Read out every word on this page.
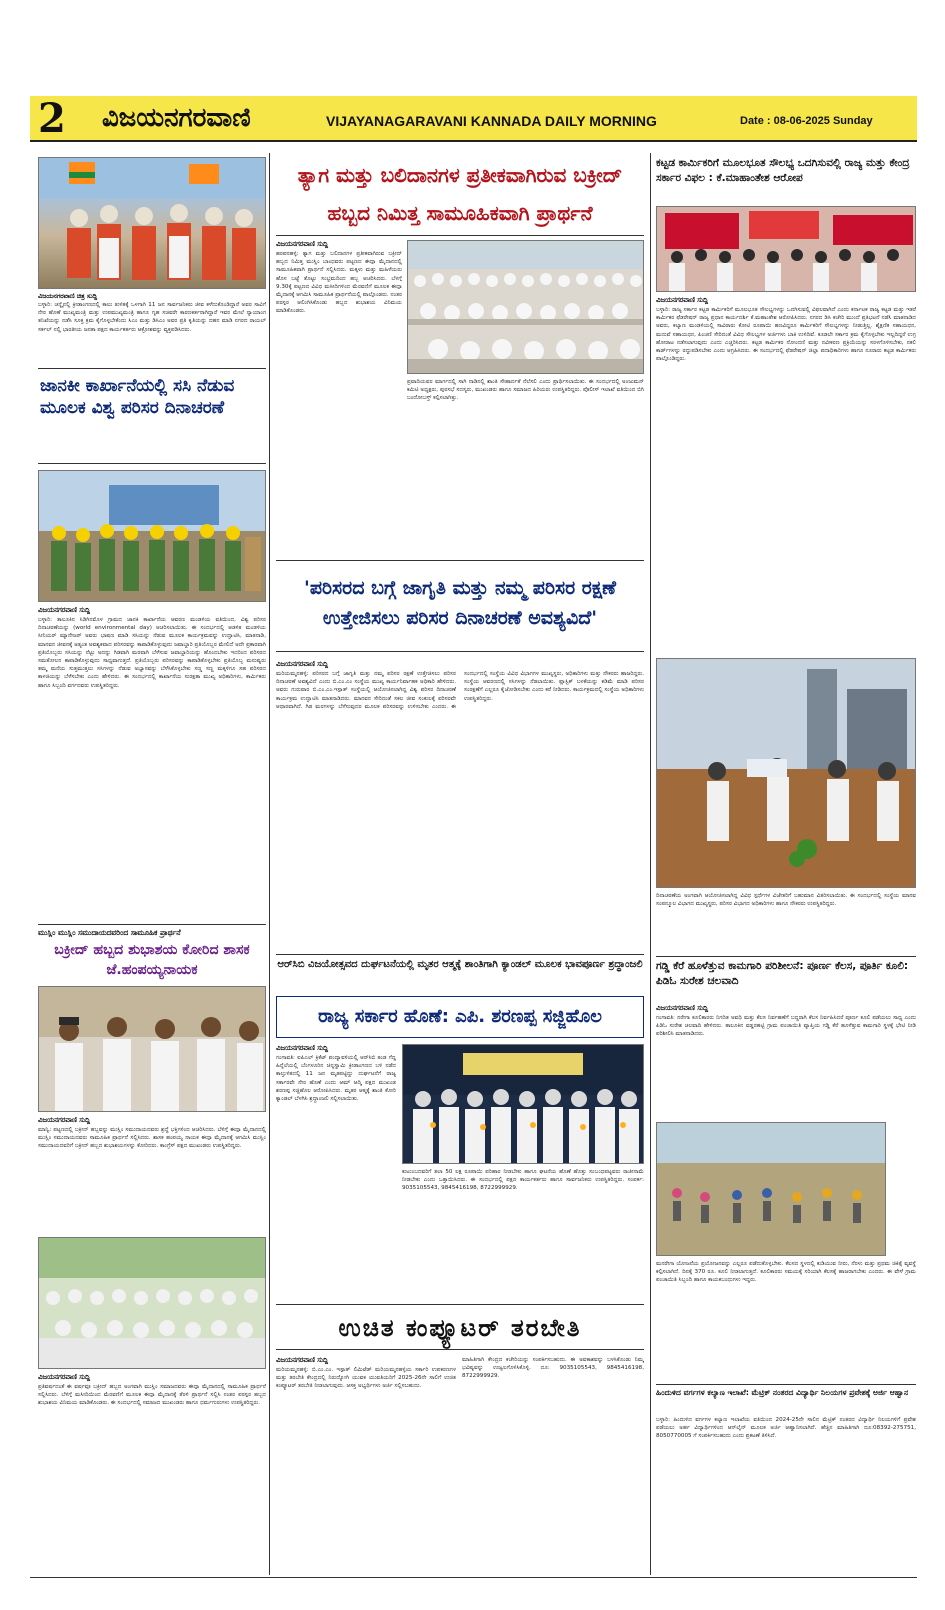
2 ವಿಜಯನಗರವಾಣಿ	VIJAYANAGARAVANI KANNADA DAILY MORNING	Date : 08-06-2025 Sunday
ವಿಜಯನಗರವಾಣಿ ಚಿತ್ರ ಸುದ್ದಿ
ಬಳ್ಳಾರಿ: ಚನ್ನೈನಲ್ಲಿ ಕ್ರೀಡಾಂಗಣದಲ್ಲಿ ಕಾಲು ತುಳಿತಕ್ಕೆ ಒಳಗಾಗಿ 11 ಜನ ಸಾರ್ವಜನಿಕರು ಜೀವ ಕಳೆದುಕೊಂಡಿದ್ದಾರೆ ಅವರ ಸಾವಿಗೆ ನೇರ ಹೊಣೆ ಮುಖ್ಯಮಂತ್ರಿ ಮತ್ತು ಉಪಮುಖ್ಯಮಂತ್ರಿ ಹಾಗೂ ಗೃಹ ಸಚಿವರೇ ಕಾರಣಕರ್ತರಾಗಿದ್ದಾರೆ ಇವರ ಮೇಲೆ ನ್ಯಾಯಾಂಗ ತನಿಖೆಯನ್ನು ನಡೆಸಿ ಸೂಕ್ತ ಕ್ರಮ ಕೈಗೊಳ್ಳಬೇಕೆಂದು ಸಿಎಂ ಮತ್ತು ಡಿಸಿಎಂ ಅವರ ಪ್ರತಿ ಕೃತಿಯನ್ನು ದಹನ ಮಾಡಿ ನಗರದ ರಾಯಲ್ ಸರ್ಕಲ್ ನಲ್ಲಿ ಭಾರತೀಯ ಜನತಾ ಪಕ್ಷದ ಕಾರ್ಯಕರ್ತರು ಆಕ್ರೋಶವನ್ನು ವ್ಯಕ್ತಪಡಿಸಿದರು.
ಜಾನಕೀ ಕಾರ್ಖಾನೆಯಲ್ಲಿ ಸಸಿ ನೆಡುವ ಮೂಲಕ ವಿಶ್ವ ಪರಿಸರ ದಿನಾಚರಣೆ
ವಿಜಯನಗರವಾಣಿ ಸುದ್ದಿ
ಬಳ್ಳಾರಿ: ತಾಲೂಕಿನ ಸಿಡಿಗಿನಮೊಳ ಗ್ರಾಮದ ಜಾನಕಿ ಕಾರ್ಖಾನೆಯ ಆವರಣ ಮಂಡಳಿಯ ವತಿಯಿಂದ, ವಿಶ್ವ ಪರಿಸರ ದಿನಾಚರಣೆಯನ್ನು (world environmental day) ಆಚರಿಸಲಾಯಿತು. ಈ ಸಂದರ್ಭದಲ್ಲಿ ಆಡಳಿತ ಮಂಡಳಿಯ ಸೀನಿಯರ್ ಮ್ಯಾನೇಜರ್ ಅವರು ಭಾಷಣ ಮಾಡಿ ಸಸಿಯನ್ನು ನೆಡುವ ಮೂಲಕ ಕಾರ್ಯಕ್ರಮವನ್ನು ಉದ್ಘಾಟಿಸಿ, ಮಾತನಾಡಿ, ಮಾನವನ ಜೀವನಕ್ಕೆ ಅತ್ಯಂತ ಅವಶ್ಯಕವಾದ ಪರಿಸರವನ್ನು ಕಾಪಾಡಿಕೊಳ್ಳುವುದು ಜವಾಬ್ದಾರಿ ಪ್ರತಿಯೊಬ್ಬರ ಮೇಲಿದೆ ಅದೇ ಪ್ರಕಾರವಾಗಿ ಪ್ರತಿಯೊಬ್ಬರು ಸಸಿಯನ್ನು ನೆಟ್ಟು ಅದನ್ನು ಗಿಡವಾಗಿ ಮರವಾಗಿ ಬೆಳೆಸುವ ಜವಾಬ್ದಾರಿಯನ್ನು ಹೊಂದಬೇಕು ಇದರಿಂದ ಪರಿಸರದ ಸಮತೋಲನ ಕಾಪಾಡಿಕೊಳ್ಳುವುದು ಸಾಧ್ಯವಾಗುತ್ತದೆ. ಪ್ರತಿಯೊಬ್ಬರು ಪರಿಸರವನ್ನು ಕಾಪಾಡಿಕೊಳ್ಳಬೇಕು ಪ್ರತಿಯೊಬ್ಬ ಮನುಷ್ಯರು ತಮ್ಮ ಮನೆಯ ಸುತ್ತಮುತ್ತಲು ಸಸಿಗಳನ್ನು ನೆಡುವ ಅಭ್ಯಾಸವನ್ನು ಬೆಳೆಸಿಕೊಳ್ಳಬೇಕು ಸಣ್ಣ ಸಣ್ಣ ಮಕ್ಕಳಿಗೂ ಸಹ ಪರಿಸರದ ಕಾಳಜಿಯನ್ನು ಬೆಳೆಸಬೇಕು ಎಂದು ಹೇಳಿದರು. ಈ ಸಂದರ್ಭದಲ್ಲಿ ಕಾರ್ಖಾನೆಯ ಸುರಕ್ಷತಾ ಮುಖ್ಯ ಅಧಿಕಾರಿಗಳು, ಕಾರ್ಮಿಕರು ಹಾಗೂ ಸಿಬ್ಬಂದಿ ವರ್ಗದವರು ಉಪಸ್ಥಿತರಿದ್ದರು.
ಮುಸ್ಲಿಂ ಮುಸ್ಲಿಂ ಸಮುದಾಯದವರಿಂದ ಸಾಮೂಹಿಕ ಪ್ರಾರ್ಥನೆ
ಬಕ್ರೀದ್ ಹಬ್ಬದ ಶುಭಾಶಯ ಕೋರಿದ ಶಾಸಕ ಜೆ.ಹಂಪಯ್ಯನಾಯಕ
ವಿಜಯನಗರವಾಣಿ ಸುದ್ದಿ
ಮಾನ್ವಿ: ಪಟ್ಟಣದಲ್ಲಿ ಬಕ್ರೀದ್ ಹಬ್ಬವನ್ನು ಮುಸ್ಲಿಂ ಸಮುದಾಯದವರು ಶ್ರದ್ಧೆ ಭಕ್ತಿಗಳಿಂದ ಆಚರಿಸಿದರು. ಬೆಳಿಗ್ಗೆ ಈದ್ಗಾ ಮೈದಾನದಲ್ಲಿ ಮುಸ್ಲಿಂ ಸಮುದಾಯದವರು ಸಾಮೂಹಿಕ ಪ್ರಾರ್ಥನೆ ಸಲ್ಲಿಸಿದರು. ಶಾಸಕ ಹಂಪಯ್ಯ ನಾಯಕ ಈದ್ಗಾ ಮೈದಾನಕ್ಕೆ ಆಗಮಿಸಿ ಮುಸ್ಲಿಂ ಸಮುದಾಯದವರಿಗೆ ಬಕ್ರೀದ್ ಹಬ್ಬದ ಶುಭಾಶಯಗಳನ್ನು ಕೋರಿದರು. ಕಾಂಗ್ರೆಸ್ ಪಕ್ಷದ ಮುಖಂಡರು ಉಪಸ್ಥಿತರಿದ್ದರು.
ವಿಜಯನಗರವಾಣಿ ಸುದ್ದಿ
ಪ್ರತಿವರ್ಷದಂತೆ ಈ ವರ್ಷವೂ ಬಕ್ರೀದ್ ಹಬ್ಬದ ಅಂಗವಾಗಿ ಮುಸ್ಲಿಂ ಸಮಾಜದವರು ಈದ್ಗಾ ಮೈದಾನದಲ್ಲಿ ಸಾಮೂಹಿಕ ಪ್ರಾರ್ಥನೆ ಸಲ್ಲಿಸಿದರು. ಬೆಳಿಗ್ಗೆ ಮಸೀದಿಯಿಂದ ಮೆರವಣಿಗೆ ಮೂಲಕ ಈದ್ಗಾ ಮೈದಾನಕ್ಕೆ ತೆರಳಿ ಪ್ರಾರ್ಥನೆ ಸಲ್ಲಿಸಿ ನಂತರ ಪರಸ್ಪರ ಹಬ್ಬದ ಶುಭಾಶಯ ವಿನಿಮಯ ಮಾಡಿಕೊಂಡರು. ಈ ಸಂದರ್ಭದಲ್ಲಿ ಸಮಾಜದ ಮುಖಂಡರು ಹಾಗೂ ಧರ್ಮಗುರುಗಳು ಉಪಸ್ಥಿತರಿದ್ದರು.
ತ್ಯಾಗ ಮತ್ತು ಬಲಿದಾನಗಳ ಪ್ರತೀಕವಾಗಿರುವ ಬಕ್ರೀದ್ ಹಬ್ಬದ ನಿಮಿತ್ತ ಸಾಮೂಹಿಕವಾಗಿ ಪ್ರಾರ್ಥನೆ
ವಿಜಯನಗರವಾಣಿ ಸುದ್ದಿ
ಹರಪನಹಳ್ಳಿ: ತ್ಯಾಗ ಮತ್ತು ಬಲಿದಾನಗಳ ಪ್ರತೀಕವಾಗಿರುವ ಬಕ್ರೀದ್ ಹಬ್ಬದ ನಿಮಿತ್ತ ಮುಸ್ಲಿಂ ಬಾಂಧವರು ಪಟ್ಟಣದ ಈದ್ಗಾ ಮೈದಾನದಲ್ಲಿ ಸಾಮೂಹಿಕವಾಗಿ ಪ್ರಾರ್ಥನೆ ಸಲ್ಲಿಸಿದರು. ಮಕ್ಕಳು ಮತ್ತು ಮಹಿಳೆಯರು ಹೊಸ ಬಟ್ಟೆ ತೊಟ್ಟು ಸಂಭ್ರಮದಿಂದ ಹಬ್ಬ ಆಚರಿಸಿದರು. ಬೆಳಗ್ಗೆ 9.30ಕ್ಕೆ ಪಟ್ಟಣದ ವಿವಿಧ ಮಸೀದಿಗಳಿಂದ ಮೆರವಣಿಗೆ ಮೂಲಕ ಈದ್ಗಾ ಮೈದಾನಕ್ಕೆ ಆಗಮಿಸಿ ಸಾಮೂಹಿಕ ಪ್ರಾರ್ಥನೆಯಲ್ಲಿ ಪಾಲ್ಗೊಂಡರು. ನಂತರ ಪರಸ್ಪರ ಆಲಿಂಗಿಸಿಕೊಂಡು ಹಬ್ಬದ ಶುಭಾಶಯ ವಿನಿಮಯ ಮಾಡಿಕೊಂಡರು.
ಪ್ರವಾದಿಯವರ ಮಾರ್ಗದಲ್ಲಿ ಸಾಗಿ ನಾಡಿನಲ್ಲಿ ಶಾಂತಿ ಸೌಹಾರ್ದತೆ ನೆಲೆಸಲಿ ಎಂದು ಪ್ರಾರ್ಥಿಸಲಾಯಿತು. ಈ ಸಂದರ್ಭದಲ್ಲಿ ಅಂಜುಮನ್ ಕಮಿಟಿ ಅಧ್ಯಕ್ಷರು, ಪುರಸಭೆ ಸದಸ್ಯರು, ಮುಖಂಡರು ಹಾಗೂ ಸಮಾಜದ ಹಿರಿಯರು ಉಪಸ್ಥಿತರಿದ್ದರು. ಪೊಲೀಸ್ ಇಲಾಖೆ ವತಿಯಿಂದ ಬಿಗಿ ಬಂದೋಬಸ್ತ್ ಕಲ್ಪಿಸಲಾಗಿತ್ತು.
'ಪರಿಸರದ ಬಗ್ಗೆ ಜಾಗೃತಿ ಮತ್ತು ನಮ್ಮ ಪರಿಸರ ರಕ್ಷಣೆ ಉತ್ತೇಜಿಸಲು ಪರಿಸರ ದಿನಾಚರಣೆ ಅವಶ್ಯವಿದೆ'
ವಿಜಯನಗರವಾಣಿ ಸುದ್ದಿ
ಮರಿಯಮ್ಮನಹಳ್ಳಿ: ಪರಿಸರದ ಬಗ್ಗೆ ಜಾಗೃತಿ ಮತ್ತು ನಮ್ಮ ಪರಿಸರ ರಕ್ಷಣೆ ಉತ್ತೇಜಿಸಲು ಪರಿಸರ ದಿನಾಚರಣೆ ಅವಶ್ಯವಿದೆ ಎಂದು ಬಿ.ಎಂ.ಎಂ ಸಂಸ್ಥೆಯ ಮುಖ್ಯ ಕಾರ್ಯನಿರ್ವಾಹಕ ಅಧಿಕಾರಿ ಹೇಳಿದರು. ಅವರು ಗುರುವಾರ ಬಿ.ಎಂ.ಎಂ.ಇಸ್ಪಾತ್ ಸಂಸ್ಥೆಯಲ್ಲಿ ಆಯೋಜಿಸಲಾಗಿದ್ದ ವಿಶ್ವ ಪರಿಸರ ದಿನಾಚರಣೆ ಕಾರ್ಯಕ್ರಮ ಉದ್ಘಾಟಿಸಿ ಮಾತನಾಡಿದರು. ಮಾನವನ ಸೇರಿದಂತೆ ಸಕಲ ಜೀವ ಸಂಕುಲಕ್ಕೆ ಪರಿಸರವೇ ಆಧಾರವಾಗಿದೆ. ಗಿಡ ಮರಗಳನ್ನು ಬೆಳೆಸುವುದರ ಮೂಲಕ ಪರಿಸರವನ್ನು ಉಳಿಸಬೇಕು ಎಂದರು. ಈ ಸಂದರ್ಭದಲ್ಲಿ ಸಂಸ್ಥೆಯ ವಿವಿಧ ವಿಭಾಗಗಳ ಮುಖ್ಯಸ್ಥರು, ಅಧಿಕಾರಿಗಳು ಮತ್ತು ನೌಕರರು ಹಾಜರಿದ್ದರು. ಸಂಸ್ಥೆಯ ಆವರಣದಲ್ಲಿ ಸಸಿಗಳನ್ನು ನೆಡಲಾಯಿತು. ಪ್ಲಾಸ್ಟಿಕ್ ಬಳಕೆಯನ್ನು ಕಡಿಮೆ ಮಾಡಿ ಪರಿಸರ ಸಂರಕ್ಷಣೆಗೆ ಎಲ್ಲರೂ ಕೈಜೋಡಿಸಬೇಕು ಎಂದು ಕರೆ ನೀಡಿದರು. ಕಾರ್ಯಕ್ರಮದಲ್ಲಿ ಸಂಸ್ಥೆಯ ಅಧಿಕಾರಿಗಳು ಉಪಸ್ಥಿತರಿದ್ದರು.
ಆರ್‌ಸಿಬಿ ವಿಜಯೋತ್ಸವದ ದುರ್ಘಟನೆಯಲ್ಲಿ ಮೃತರ ಆತ್ಮಕ್ಕೆ ಶಾಂತಿಗಾಗಿ ಕ್ಯಾಂಡಲ್ ಮೂಲಕ ಭಾವಪೂರ್ಣ ಶ್ರದ್ಧಾಂಜಲಿ
ರಾಜ್ಯ ಸರ್ಕಾರ ಹೊಣೆ: ಎಪಿ. ಶರಣಪ್ಪ ಸಜ್ಜಿಹೊಲ
ವಿಜಯನಗರವಾಣಿ ಸುದ್ದಿ
ಗಂಗಾವತಿ: ಐಪಿಎಲ್ ಕ್ರಿಕೆಟ್ ಪಂದ್ಯಾವಳಿಯಲ್ಲಿ ಆರ್‌ಸಿಬಿ ತಂಡ ಗೆದ್ದ ಹಿನ್ನೆಲೆಯಲ್ಲಿ ಬೆಂಗಳೂರಿನ ಚಿನ್ನಸ್ವಾಮಿ ಕ್ರೀಡಾಂಗಣದ ಬಳಿ ನಡೆದ ಕಾಲ್ತುಳಿತದಲ್ಲಿ 11 ಜನ ಮೃತಪಟ್ಟಿದ್ದು ದುರ್ಘಟನೆಗೆ ರಾಜ್ಯ ಸರ್ಕಾರವೇ ನೇರ ಹೊಣೆ ಎಂದು ಆಮ್ ಆದ್ಮಿ ಪಕ್ಷದ ಮುಖಂಡ ಶರಣಪ್ಪ ಸಜ್ಜಿಹೊಲ ಆರೋಪಿಸಿದರು. ಮೃತರ ಆತ್ಮಕ್ಕೆ ಶಾಂತಿ ಕೋರಿ ಕ್ಯಾಂಡಲ್ ಬೆಳಗಿಸಿ ಶ್ರದ್ಧಾಂಜಲಿ ಸಲ್ಲಿಸಲಾಯಿತು.
ಕುಟುಂಬದವರಿಗೆ ತಲಾ 50 ಲಕ್ಷ ರೂಪಾಯಿ ಪರಿಹಾರ ನೀಡಬೇಕು ಹಾಗೂ ಘಟನೆಯ ಹೊಣೆ ಹೊತ್ತು ಸಂಬಂಧಪಟ್ಟವರು ರಾಜೀನಾಮೆ ನೀಡಬೇಕು ಎಂದು ಒತ್ತಾಯಿಸಿದರು. ಈ ಸಂದರ್ಭದಲ್ಲಿ ಪಕ್ಷದ ಕಾರ್ಯಕರ್ತರು ಹಾಗೂ ಸಾರ್ವಜನಿಕರು ಉಪಸ್ಥಿತರಿದ್ದರು. ಸಂಪರ್ಕ: 9035105543, 9845416198, 8722999929.
ಉಚಿತ ಕಂಪ್ಯೂಟರ್ ತರಬೇತಿ
ವಿಜಯನಗರವಾಣಿ ಸುದ್ದಿ
ಮರಿಯಮ್ಮನಹಳ್ಳಿ: ಬಿ.ಎಂ.ಎಂ. ಇಸ್ಪಾತ್ ಲಿಮಿಟೆಡ್ ಮರಿಯಮ್ಮನಹಳ್ಳಿಯ ಸರ್ಕಾರಿ ಉಪಕರಣಗಳ ಮತ್ತು ತರಬೇತಿ ಕೇಂದ್ರದಲ್ಲಿ ನಿರುದ್ಯೋಗಿ ಯುವಕ ಯುವತಿಯರಿಗೆ 2025-26ನೇ ಸಾಲಿಗೆ ಉಚಿತ ಕಂಪ್ಯೂಟರ್ ತರಬೇತಿ ನೀಡಲಾಗುವುದು. ಆಸಕ್ತ ಅಭ್ಯರ್ಥಿಗಳು ಅರ್ಜಿ ಸಲ್ಲಿಸಬಹುದು.
ಮಾಹಿತಿಗಾಗಿ ಕೇಂದ್ರದ ಕಚೇರಿಯನ್ನು ಸಂಪರ್ಕಿಸಬಹುದು. ಈ ಅವಕಾಶವನ್ನು ಬಳಸಿಕೊಂಡು ನಿಮ್ಮ ಭವಿಷ್ಯವನ್ನು ಉಜ್ವಲಗೊಳಿಸಿಕೊಳ್ಳಿ. ದೂ: 9035105543, 9845416198, 8722999929.
ಕಟ್ಟಡ ಕಾರ್ಮಿಕರಿಗೆ ಮೂಲಭೂತ ಸೌಲಭ್ಯ ಒದಗಿಸುವಲ್ಲಿ ರಾಜ್ಯ ಮತ್ತು ಕೇಂದ್ರ ಸರ್ಕಾರ ವಿಫಲ : ಕೆ.ಮಾಹಾಂತೇಶ ಆರೋಪ
ವಿಜಯನಗರವಾಣಿ ಸುದ್ದಿ
ಬಳ್ಳಾರಿ: ರಾಜ್ಯ ಸರ್ಕಾರ ಕಟ್ಟಡ ಕಾರ್ಮಿಕರಿಗೆ ಮೂಲಭೂತ ಸೌಲಭ್ಯಗಳನ್ನು ಒದಗಿಸುವಲ್ಲಿ ವಿಫಲವಾಗಿದೆ ಎಂದು ಕರ್ನಾಟಕ ರಾಜ್ಯ ಕಟ್ಟಡ ಮತ್ತು ಇತರೆ ಕಾರ್ಮಿಕರ ಫೆಡರೇಷನ್ ರಾಜ್ಯ ಪ್ರಧಾನ ಕಾರ್ಯದರ್ಶಿ ಕೆ.ಮಹಾಂತೇಶ ಆರೋಪಿಸಿದರು. ನಗರದ ಡಿಸಿ ಕಚೇರಿ ಮುಂದೆ ಪ್ರತಿಭಟನೆ ನಡೆಸಿ ಮಾತನಾಡಿದ ಅವರು, ಕಲ್ಯಾಣ ಮಂಡಳಿಯಲ್ಲಿ ಸಾವಿರಾರು ಕೋಟಿ ರೂಪಾಯಿ ಹಣವಿದ್ದರೂ ಕಾರ್ಮಿಕರಿಗೆ ಸೌಲಭ್ಯಗಳನ್ನು ನೀಡುತ್ತಿಲ್ಲ. ಶೈಕ್ಷಣಿಕ ಸಹಾಯಧನ, ಮದುವೆ ಸಹಾಯಧನ, ಪಿಂಚಣಿ ಸೇರಿದಂತೆ ವಿವಿಧ ಸೌಲಭ್ಯಗಳ ಅರ್ಜಿಗಳು ಬಾಕಿ ಉಳಿದಿವೆ. ಕೂಡಲೇ ಸರ್ಕಾರ ಕ್ರಮ ಕೈಗೊಳ್ಳಬೇಕು ಇಲ್ಲದಿದ್ದರೆ ಉಗ್ರ ಹೋರಾಟ ನಡೆಸಲಾಗುವುದು ಎಂದು ಎಚ್ಚರಿಸಿದರು. ಕಟ್ಟಡ ಕಾರ್ಮಿಕರ ನೋಂದಣಿ ಮತ್ತು ನವೀಕರಣ ಪ್ರಕ್ರಿಯೆಯನ್ನು ಸರಳಗೊಳಿಸಬೇಕು, ನಕಲಿ ಕಾರ್ಡ್‌ಗಳನ್ನು ರದ್ದುಪಡಿಸಬೇಕು ಎಂದು ಆಗ್ರಹಿಸಿದರು. ಈ ಸಂದರ್ಭದಲ್ಲಿ ಫೆಡರೇಷನ್ ಜಿಲ್ಲಾ ಪದಾಧಿಕಾರಿಗಳು ಹಾಗೂ ನೂರಾರು ಕಟ್ಟಡ ಕಾರ್ಮಿಕರು ಪಾಲ್ಗೊಂಡಿದ್ದರು.
ದಿನಾಚರಣೆಯ ಅಂಗವಾಗಿ ಆಯೋಜಿಸಲಾಗಿದ್ದ ವಿವಿಧ ಸ್ಪರ್ಧೆಗಳ ವಿಜೇತರಿಗೆ ಬಹುಮಾನ ವಿತರಿಸಲಾಯಿತು. ಈ ಸಂದರ್ಭದಲ್ಲಿ ಸಂಸ್ಥೆಯ ಮಾನವ ಸಂಪನ್ಮೂಲ ವಿಭಾಗದ ಮುಖ್ಯಸ್ಥರು, ಪರಿಸರ ವಿಭಾಗದ ಅಧಿಕಾರಿಗಳು ಹಾಗೂ ನೌಕರರು ಉಪಸ್ಥಿತರಿದ್ದರು.
ಗಡ್ಡಿ ಕೆರೆ ಹೂಳೆತ್ತುವ ಕಾಮಗಾರಿ ಪರಿಶೀಲನೆ: ಪೂರ್ಣ ಕೆಲಸ, ಪೂರ್ತಿ ಕೂಲಿ: ಪಿಡಿಓ ಸುರೇಶ ಚಲವಾದಿ
ವಿಜಯನಗರವಾಣಿ ಸುದ್ದಿ
ಗಂಗಾವತಿ: ನರೇಗಾ ಕೂಲಿಕಾರರು ನಿಗದಿತ ಅವಧಿ ಮತ್ತು ಕೆಲಸ ನಿರ್ವಹಣೆಗೆ ಬದ್ಧರಾಗಿ ಕೆಲಸ ನಿರ್ವಹಿಸಿದರೆ ಪೂರ್ಣ ಕೂಲಿ ಪಡೆಯಲು ಸಾಧ್ಯ ಎಂದು ಪಿಡಿಓ ಸುರೇಶ ಚಲವಾದಿ ಹೇಳಿದರು. ತಾಲೂಕಿನ ವಡ್ಡರಹಟ್ಟಿ ಗ್ರಾಮ ಪಂಚಾಯಿತಿ ವ್ಯಾಪ್ತಿಯ ಗಡ್ಡಿ ಕೆರೆ ಹೂಳೆತ್ತುವ ಕಾಮಗಾರಿ ಸ್ಥಳಕ್ಕೆ ಭೇಟಿ ನೀಡಿ ಪರಿಶೀಲಿಸಿ ಮಾತನಾಡಿದರು.
ಮನರೇಗಾ ಯೋಜನೆಯ ಪ್ರಯೋಜನವನ್ನು ಎಲ್ಲರೂ ಪಡೆದುಕೊಳ್ಳಬೇಕು. ಕೆಲಸದ ಸ್ಥಳದಲ್ಲಿ ಕುಡಿಯುವ ನೀರು, ನೆರಳು ಮತ್ತು ಪ್ರಥಮ ಚಿಕಿತ್ಸೆ ವ್ಯವಸ್ಥೆ ಕಲ್ಪಿಸಲಾಗಿದೆ. ದಿನಕ್ಕೆ 370 ರೂ. ಕೂಲಿ ನೀಡಲಾಗುತ್ತದೆ. ಕೂಲಿಕಾರರು ಸಮಯಕ್ಕೆ ಸರಿಯಾಗಿ ಕೆಲಸಕ್ಕೆ ಹಾಜರಾಗಬೇಕು ಎಂದರು. ಈ ವೇಳೆ ಗ್ರಾಮ ಪಂಚಾಯಿತಿ ಸಿಬ್ಬಂದಿ ಹಾಗೂ ಕಾಯಕಬಂಧುಗಳು ಇದ್ದರು.
ಹಿಂದುಳಿದ ವರ್ಗಗಳ ಕಲ್ಯಾಣ ಇಲಾಖೆ: ಮೆಟ್ರಿಕ್ ನಂತರದ ವಿದ್ಯಾರ್ಥಿ ನಿಲಯಗಳ ಪ್ರವೇಶಕ್ಕೆ ಅರ್ಜಿ ಆಹ್ವಾನ
ಬಳ್ಳಾರಿ: ಹಿಂದುಳಿದ ವರ್ಗಗಳ ಕಲ್ಯಾಣ ಇಲಾಖೆಯ ವತಿಯಿಂದ 2024-25ನೇ ಸಾಲಿನ ಮೆಟ್ರಿಕ್ ನಂತರದ ವಿದ್ಯಾರ್ಥಿ ನಿಲಯಗಳಿಗೆ ಪ್ರವೇಶ ಪಡೆಯಲು ಅರ್ಹ ವಿದ್ಯಾರ್ಥಿಗಳಿಂದ ಆನ್‌ಲೈನ್ ಮೂಲಕ ಅರ್ಜಿ ಆಹ್ವಾನಿಸಲಾಗಿದೆ. ಹೆಚ್ಚಿನ ಮಾಹಿತಿಗಾಗಿ ದೂ:08392-275751, 8050770005 ಗೆ ಸಂಪರ್ಕಿಸಬಹುದು ಎಂದು ಪ್ರಕಟಣೆ ತಿಳಿಸಿದೆ.
